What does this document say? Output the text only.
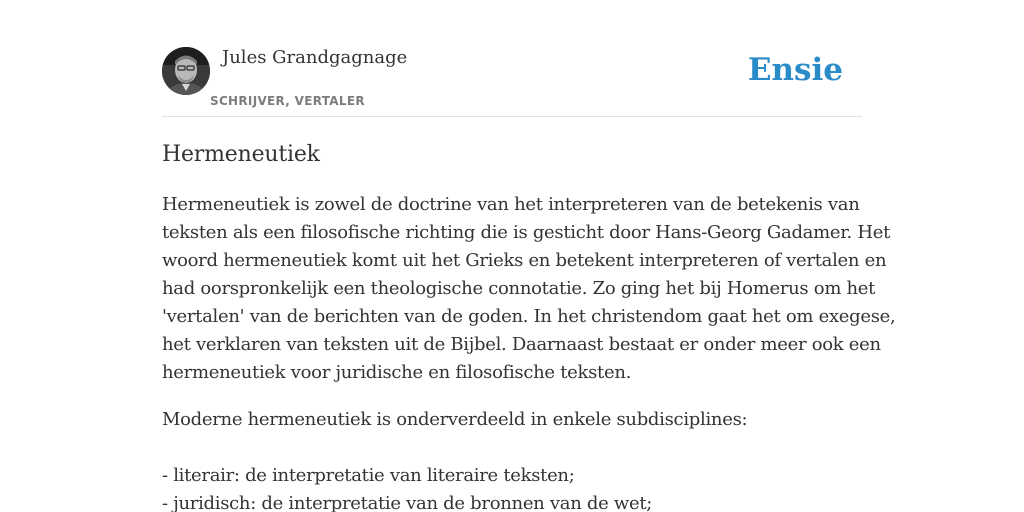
Jules Grandgagnage
SCHRIJVER, VERTALER
Ensie
Hermeneutiek

Hermeneutiek is zowel de doctrine van het interpreteren van de betekenis van

teksten als een filosofische richting die is gesticht door Hans-Georg Gadamer. Het

woord hermeneutiek komt uit het Grieks en betekent interpreteren of vertalen en

had oorspronkelijk een theologische connotatie. Zo ging het bij Homerus om het

'vertalen' van de berichten van de goden. In het christendom gaat het om exegese,

het verklaren van teksten uit de Bijbel. Daarnaast bestaat er onder meer ook een

hermeneutiek voor juridische en filosofische teksten.

Moderne hermeneutiek is onderverdeeld in enkele subdisciplines:

- literair: de interpretatie van literaire teksten;

- juridisch: de interpretatie van de bronnen van de wet;
